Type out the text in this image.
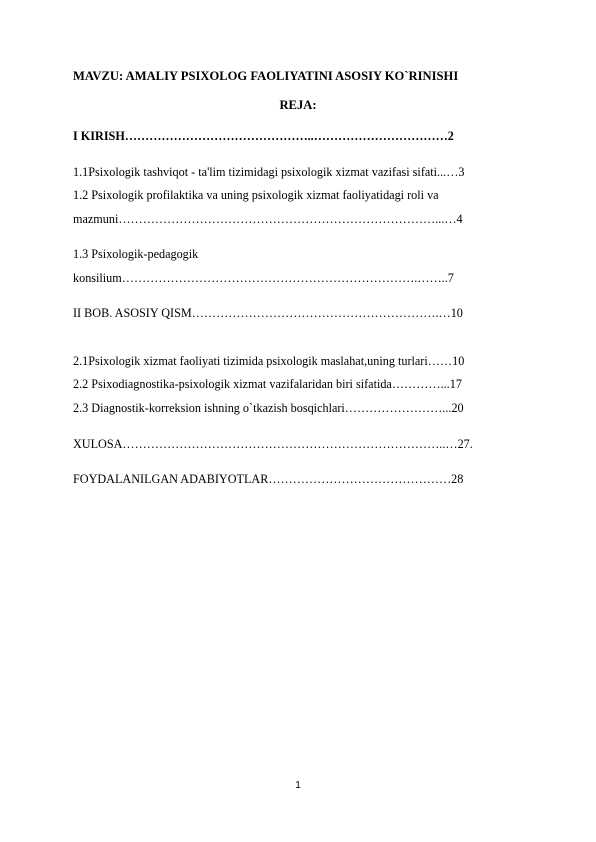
MAVZU: AMALIY PSIXOLOG FAOLIYATINI ASOSIY KO`RINISHI
REJA:
I KIRISH………………………………………..……………………………2
1.1Psixologik tashviqot - ta'lim tizimidagi psixologik xizmat vazifasi sifati...…3
1.2 Psixologik profilaktika va uning psixologik xizmat faoliyatidagi roli va
mazmuni……………………………………………………………………...…4
1.3 Psixologik-pedagogik
konsilium……………………………………………………………….……..7
II BOB. ASOSIY QISM…………………………………………………….…10
2.1Psixologik xizmat faoliyati tizimida psixologik maslahat,uning turlari……10
2.2 Psixodiagnostika-psixologik xizmat vazifalaridan biri sifatida…………...17
2.3 Diagnostik-korreksion ishning o`tkazish bosqichlari……………………...20
XULOSA……………………………………………………………………..…27.
FOYDALANILGAN ADABIYOTLAR………………………………………28
1
